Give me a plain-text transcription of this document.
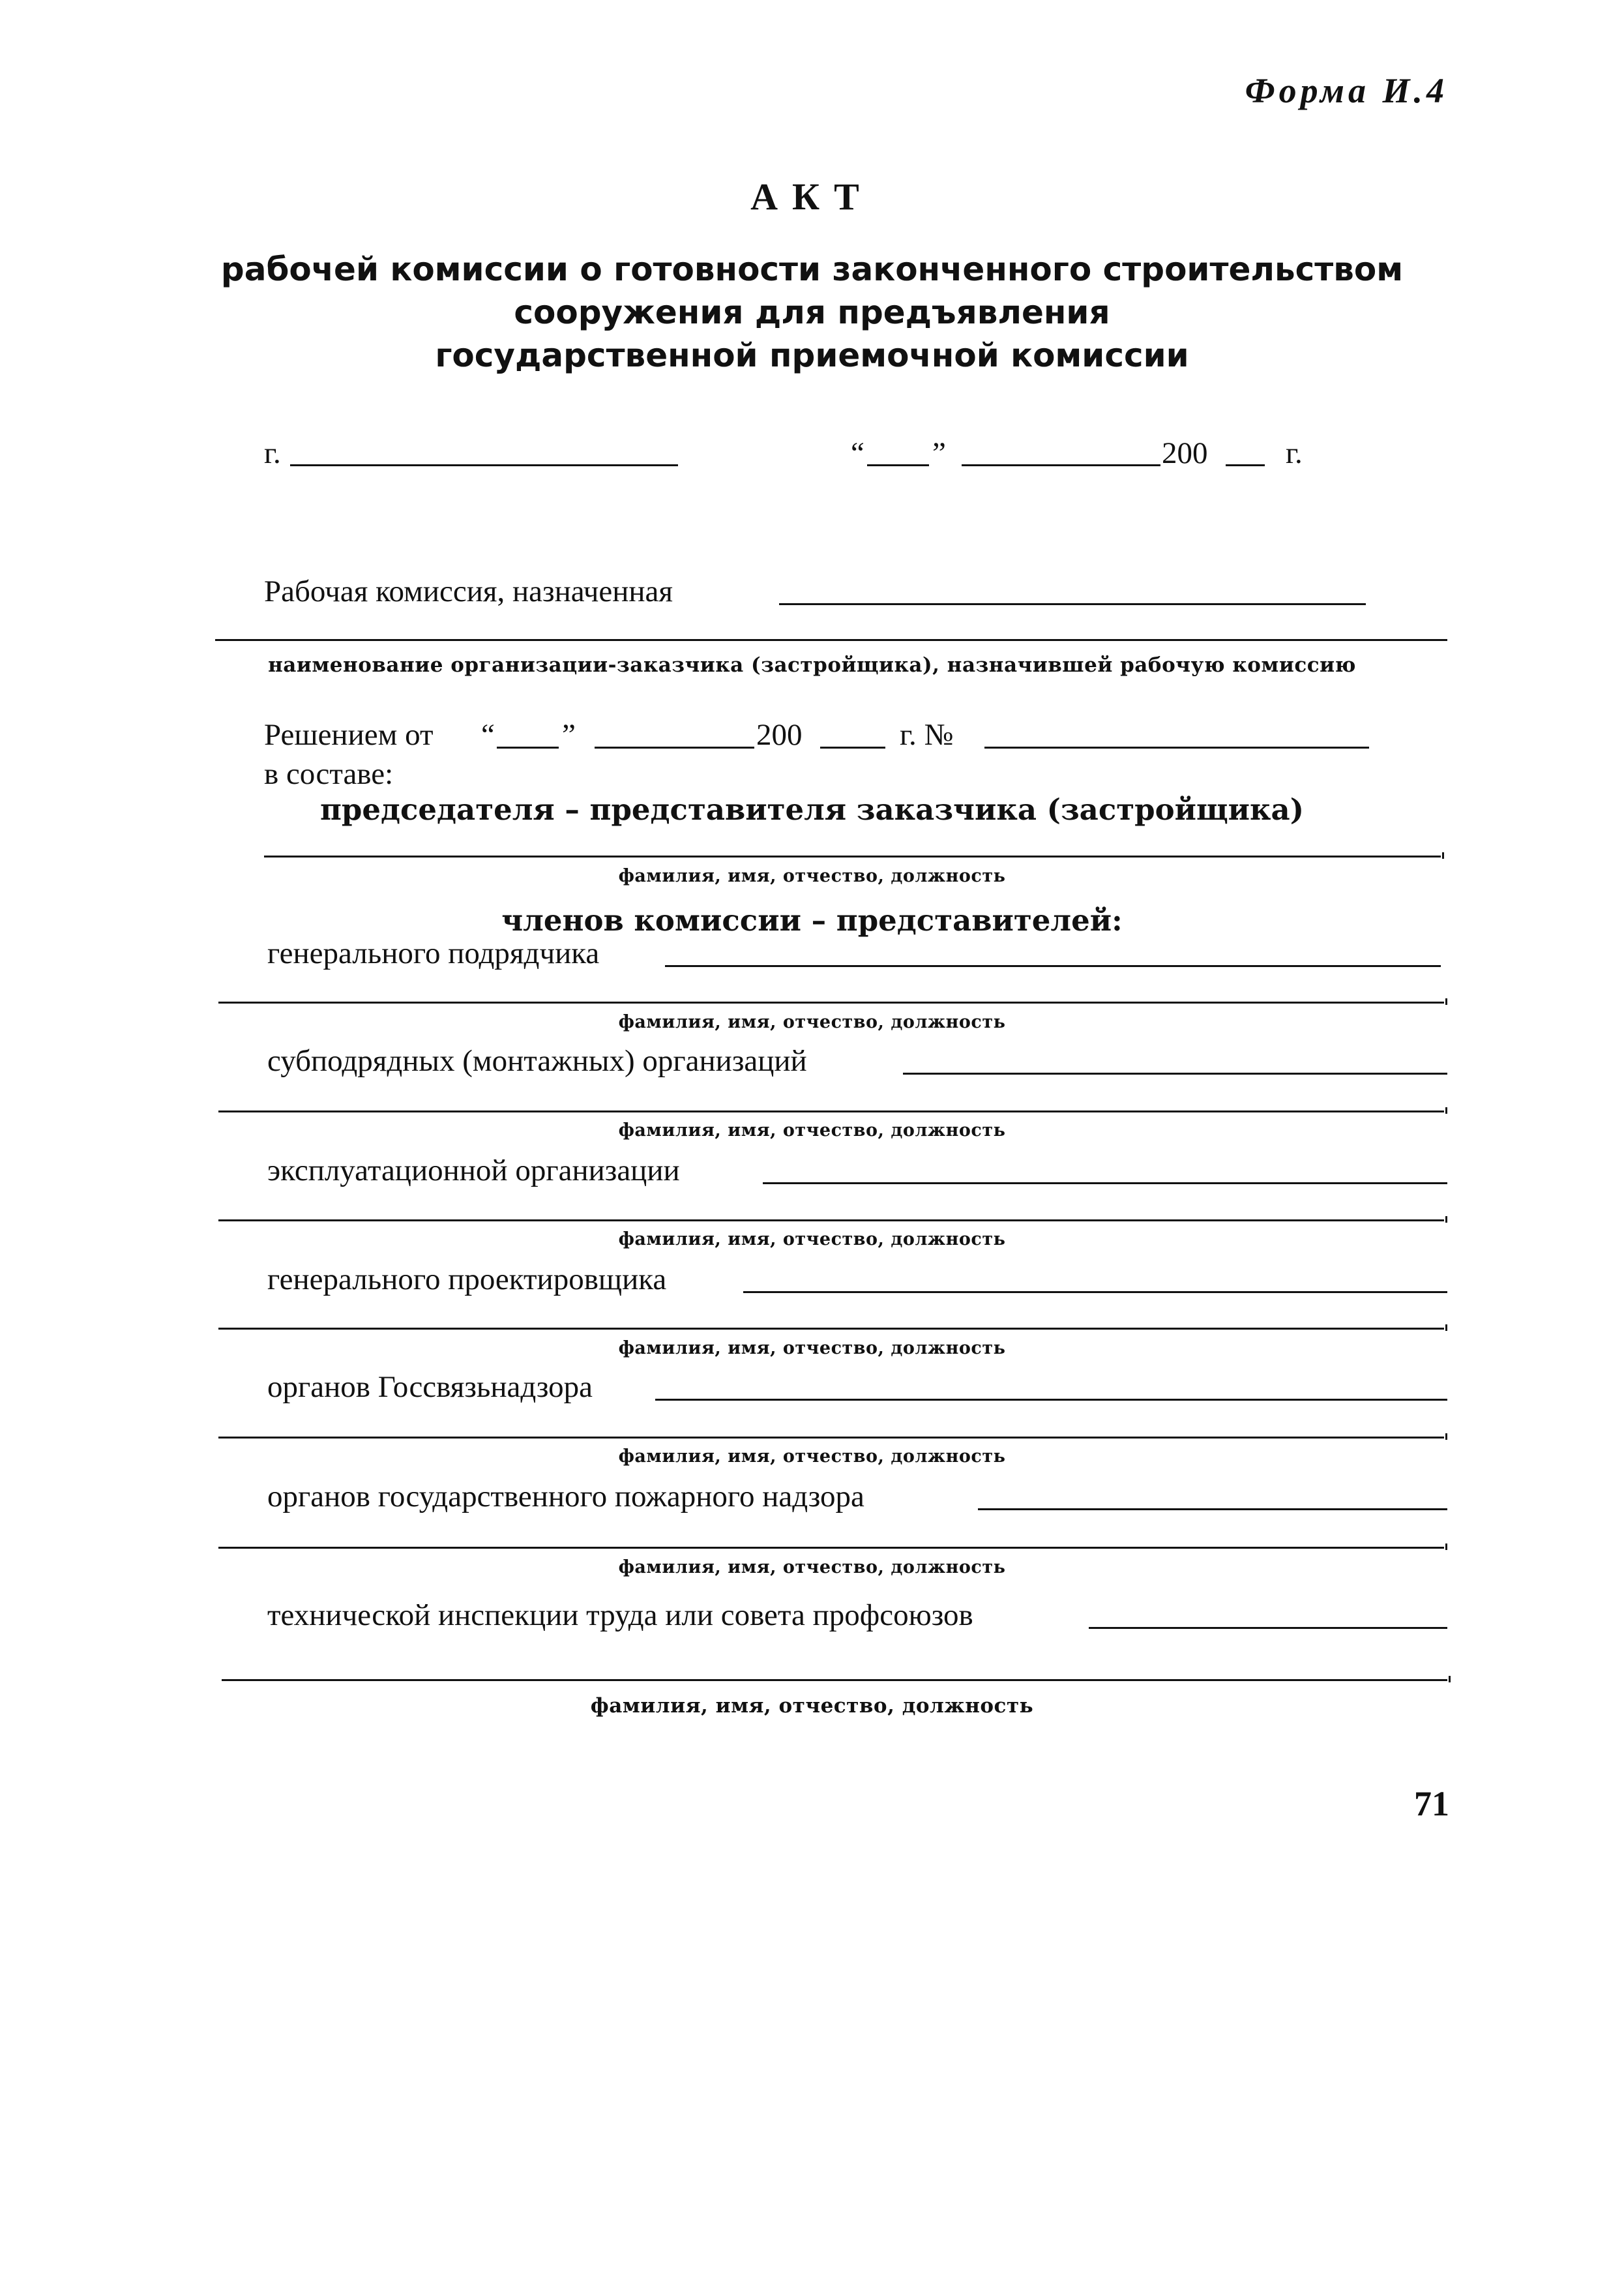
Форма И.4
АКТ
рабочей комиссии о готовности законченного строительством
сооружения для предъявления
государственной приемочной комиссии
г.	“ ”	200	г.
Рабочая комиссия, назначенная
наименование организации-заказчика (застройщика), назначившей рабочую комиссию
Решением от “ ”	200	г. №
в составе:
председателя – представителя заказчика (застройщика)
фамилия, имя, отчество, должность
членов комиссии – представителей:
генерального подрядчика
фамилия, имя, отчество, должность
субподрядных (монтажных) организаций
фамилия, имя, отчество, должность
эксплуатационной организации
фамилия, имя, отчество, должность
генерального проектировщика
фамилия, имя, отчество, должность
органов Госсвязьнадзора
фамилия, имя, отчество, должность
органов государственного пожарного надзора
фамилия, имя, отчество, должность
технической инспекции труда или совета профсоюзов
фамилия, имя, отчество, должность
71
